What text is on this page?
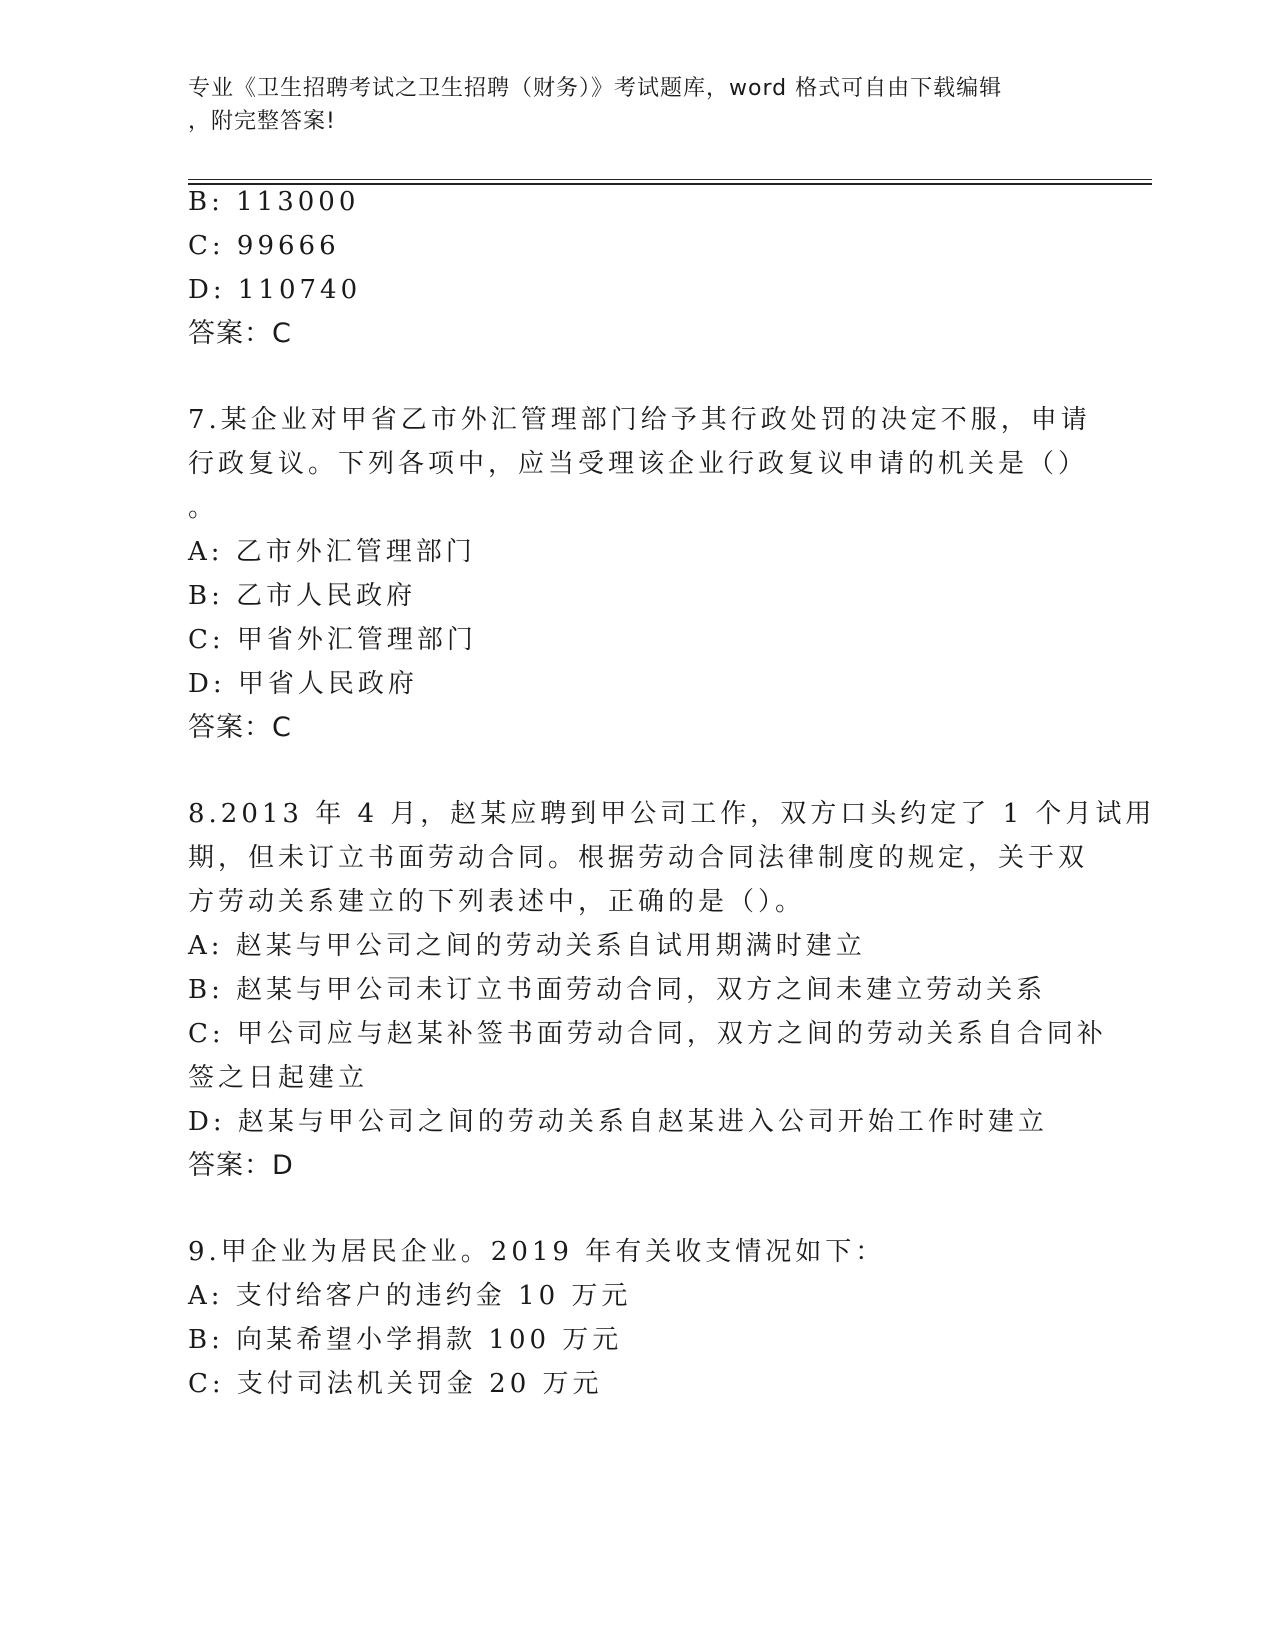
专业《卫生招聘考试之卫生招聘（财务）》考试题库，word 格式可自由下载编辑
，附完整答案!
B: 113000
C: 99666
D: 110740
答案：C
7.某企业对甲省乙市外汇管理部门给予其行政处罚的决定不服，申请
行政复议。下列各项中，应当受理该企业行政复议申请的机关是（）
。
A: 乙市外汇管理部门
B: 乙市人民政府
C: 甲省外汇管理部门
D: 甲省人民政府
答案：C
8.2013 年 4 月，赵某应聘到甲公司工作，双方口头约定了 1 个月试用
期，但未订立书面劳动合同。根据劳动合同法律制度的规定，关于双
方劳动关系建立的下列表述中，正确的是（）。
A: 赵某与甲公司之间的劳动关系自试用期满时建立
B: 赵某与甲公司未订立书面劳动合同，双方之间未建立劳动关系
C: 甲公司应与赵某补签书面劳动合同，双方之间的劳动关系自合同补
签之日起建立
D: 赵某与甲公司之间的劳动关系自赵某进入公司开始工作时建立
答案：D
9.甲企业为居民企业。2019 年有关收支情况如下：
A: 支付给客户的违约金 10 万元
B: 向某希望小学捐款 100 万元
C: 支付司法机关罚金 20 万元
